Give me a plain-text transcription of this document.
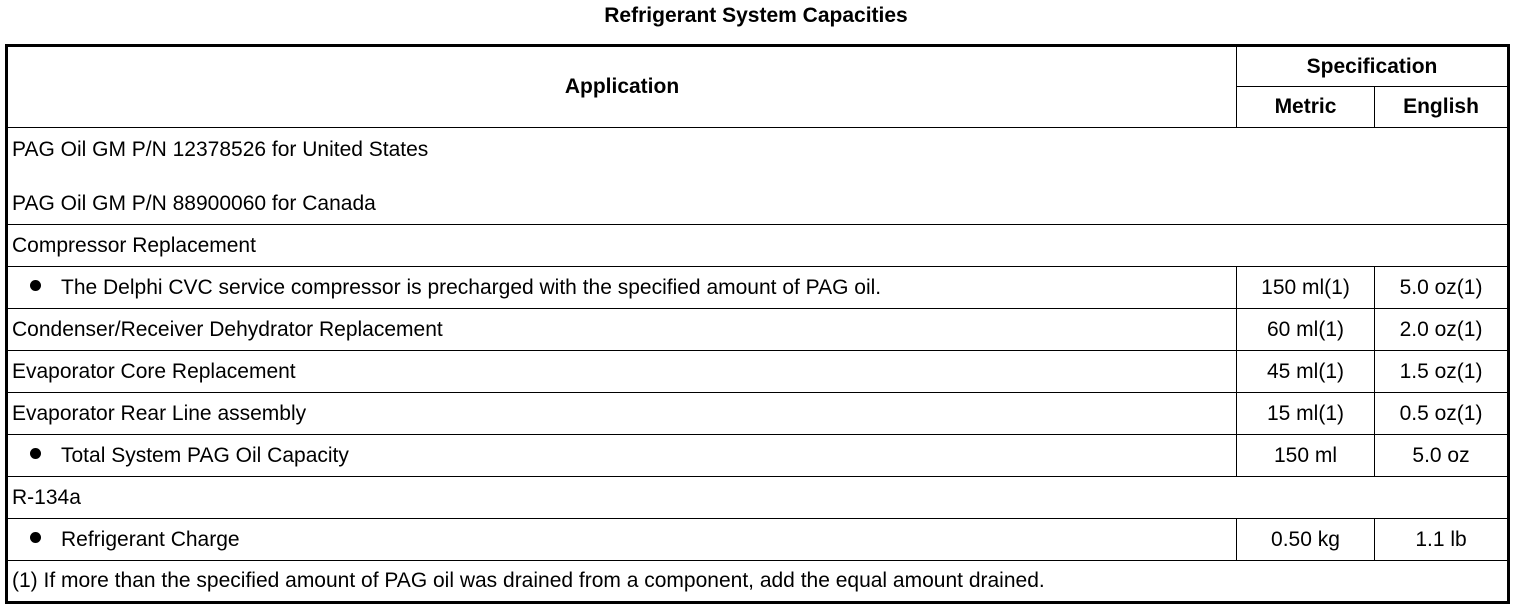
Refrigerant System Capacities
Application	Specification	
	Metric	English

PAG Oil GM P/N 12378526 for United States
PAG Oil GM P/N 88900060 for Canada		

Compressor Replacement		
The Delphi CVC service compressor is precharged with the specified amount of PAG oil.	150 ml(1)	5.0 oz(1)
Condenser/Receiver Dehydrator Replacement	60 ml(1)	2.0 oz(1)
Evaporator Core Replacement	45 ml(1)	1.5 oz(1)
Evaporator Rear Line assembly	15 ml(1)	0.5 oz(1)
Total System PAG Oil Capacity	150 ml	5.0 oz
R-134a		
Refrigerant Charge	0.50 kg	1.1 lb
(1) If more than the specified amount of PAG oil was drained from a component, add the equal amount drained.		
